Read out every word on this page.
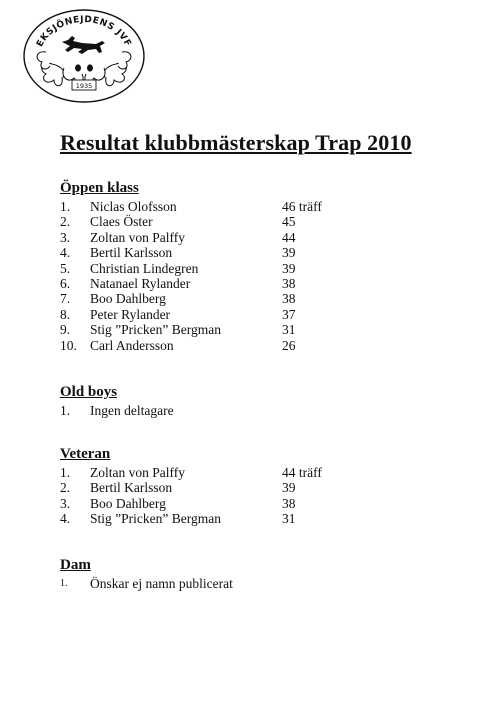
EKSJÖNEJDENS JVF
1935
Resultat klubbmästerskap Trap 2010
Öppen klass
1. Niclas Olofsson	46 träff
2. Claes Öster	45
3. Zoltan von Palffy	44
4. Bertil Karlsson	39
5. Christian Lindegren	39
6. Natanael Rylander	38
7. Boo Dahlberg	38
8. Peter Rylander	37
9. Stig ”Pricken” Bergman	31
10. Carl Andersson	26
Old boys
1. Ingen deltagare
Veteran
1. Zoltan von Palffy	44 träff
2. Bertil Karlsson	39
3. Boo Dahlberg	38
4. Stig ”Pricken” Bergman	31
Dam
1. Önskar ej namn publicerat
